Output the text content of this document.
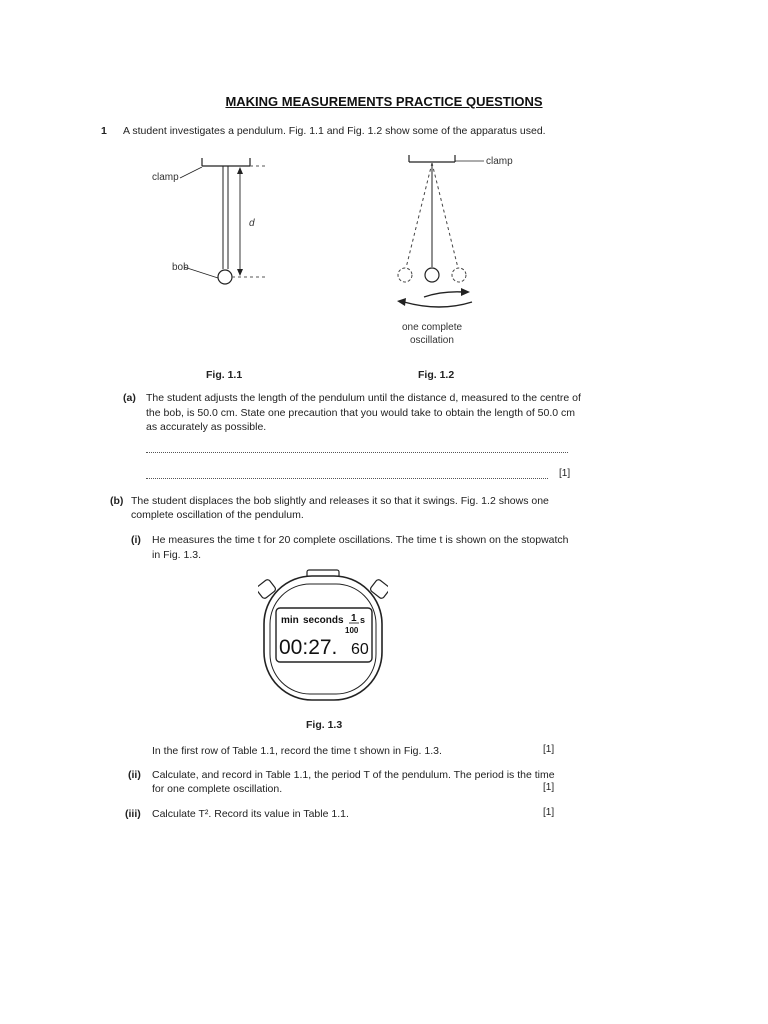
MAKING MEASUREMENTS PRACTICE QUESTIONS
1 A student investigates a pendulum. Fig. 1.1 and Fig. 1.2 show some of the apparatus used.
clamp
d
bob
clamp
one complete
oscillation
Fig. 1.1	Fig. 1.2
(a) The student adjusts the length of the pendulum until the distance d, measured to the centre of
the bob, is 50.0 cm. State one precaution that you would take to obtain the length of 50.0 cm
as accurately as possible.
[1]
(b) The student displaces the bob slightly and releases it so that it swings. Fig. 1.2 shows one
complete oscillation of the pendulum.
(i) He measures the time t for 20 complete oscillations. The time t is shown on the stopwatch
in Fig. 1.3.
min seconds 1 s
100
00:27. 60
Fig. 1.3
In the first row of Table 1.1, record the time t shown in Fig. 1.3.	[1]
(ii) Calculate, and record in Table 1.1, the period T of the pendulum. The period is the time
for one complete oscillation.	[1]
(iii) Calculate T². Record its value in Table 1.1.	[1]
